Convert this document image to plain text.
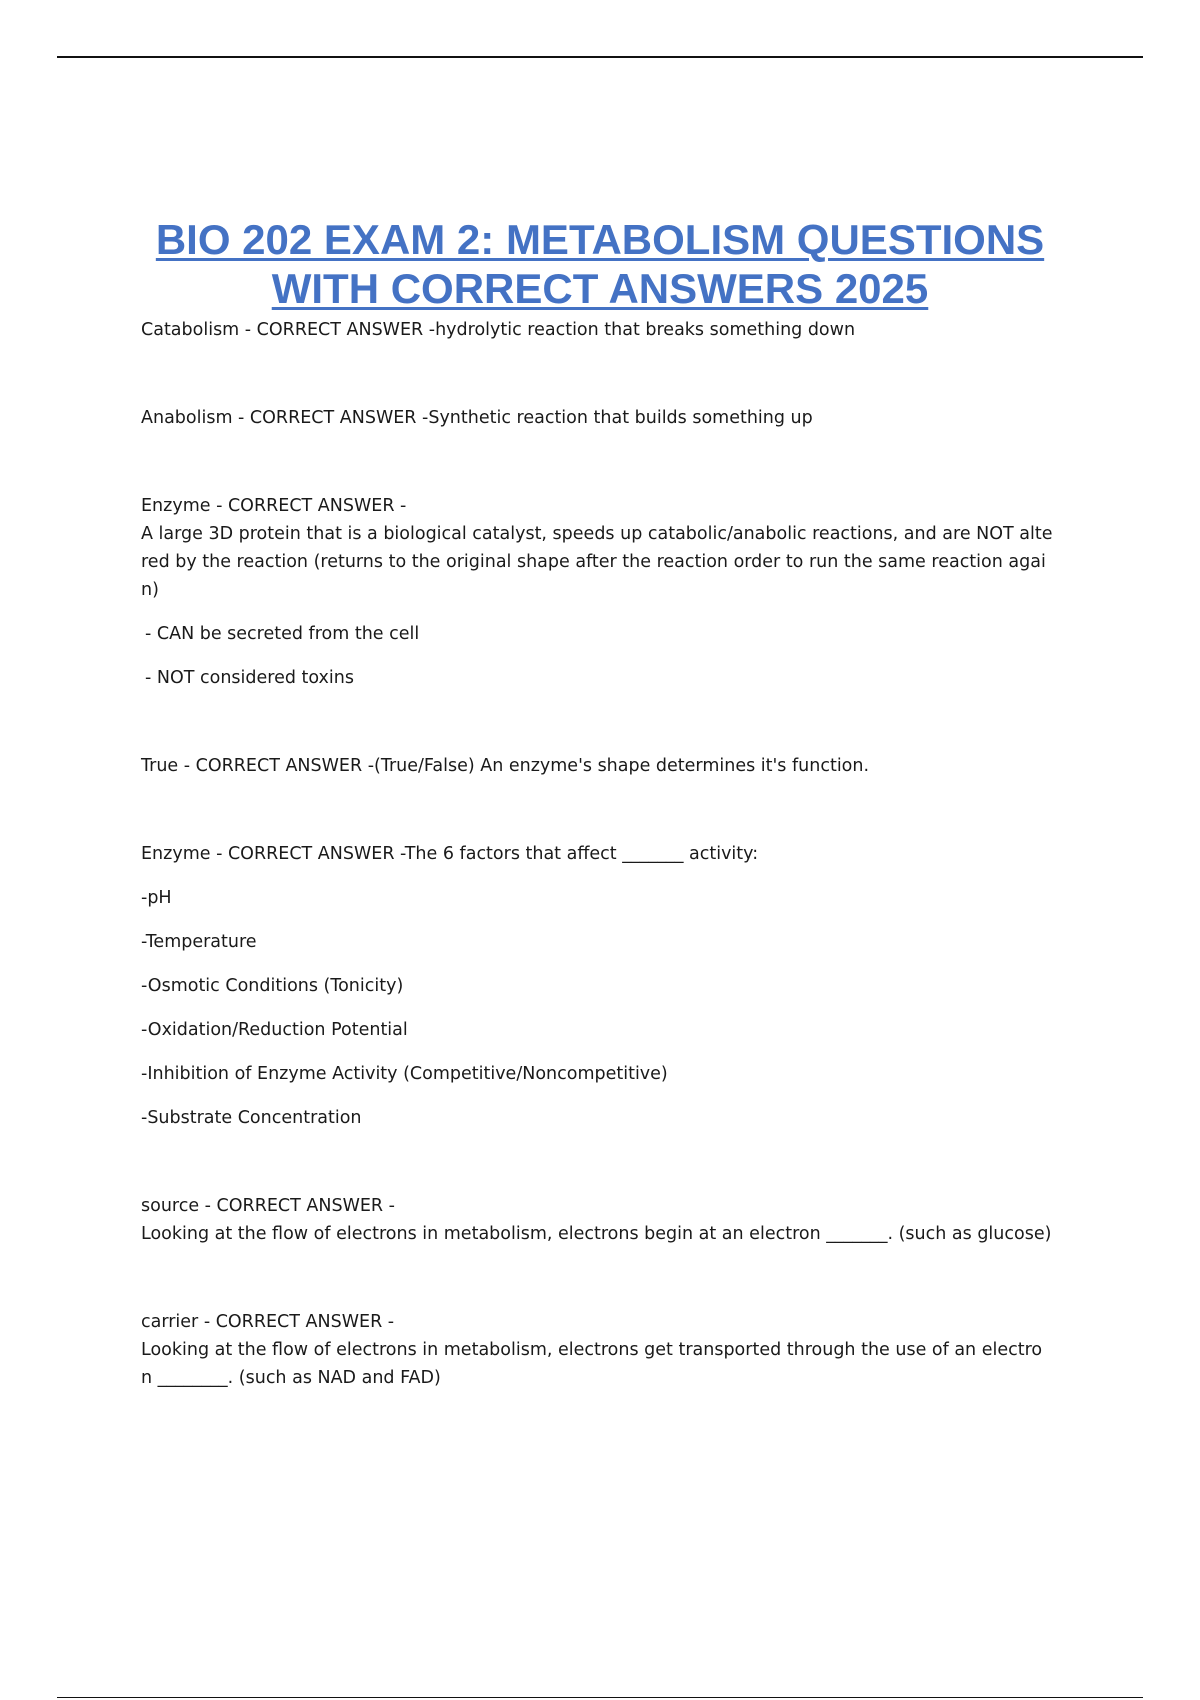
BIO 202 EXAM 2: METABOLISM QUESTIONS
WITH CORRECT ANSWERS 2025

Catabolism - CORRECT ANSWER -hydrolytic reaction that breaks something down

Anabolism - CORRECT ANSWER -Synthetic reaction that builds something up

Enzyme - CORRECT ANSWER -

A large 3D protein that is a biological catalyst, speeds up catabolic/anabolic reactions, and are NOT alte

red by the reaction (returns to the original shape after the reaction order to run the same reaction agai

n)

- CAN be secreted from the cell

- NOT considered toxins

True - CORRECT ANSWER -(True/False) An enzyme's shape determines it's function.

Enzyme - CORRECT ANSWER -The 6 factors that affect _______ activity:

-pH

-Temperature

-Osmotic Conditions (Tonicity)

-Oxidation/Reduction Potential

-Inhibition of Enzyme Activity (Competitive/Noncompetitive)

-Substrate Concentration

source - CORRECT ANSWER -

Looking at the flow of electrons in metabolism, electrons begin at an electron _______. (such as glucose)

carrier - CORRECT ANSWER -

Looking at the flow of electrons in metabolism, electrons get transported through the use of an electro

n ________. (such as NAD and FAD)
